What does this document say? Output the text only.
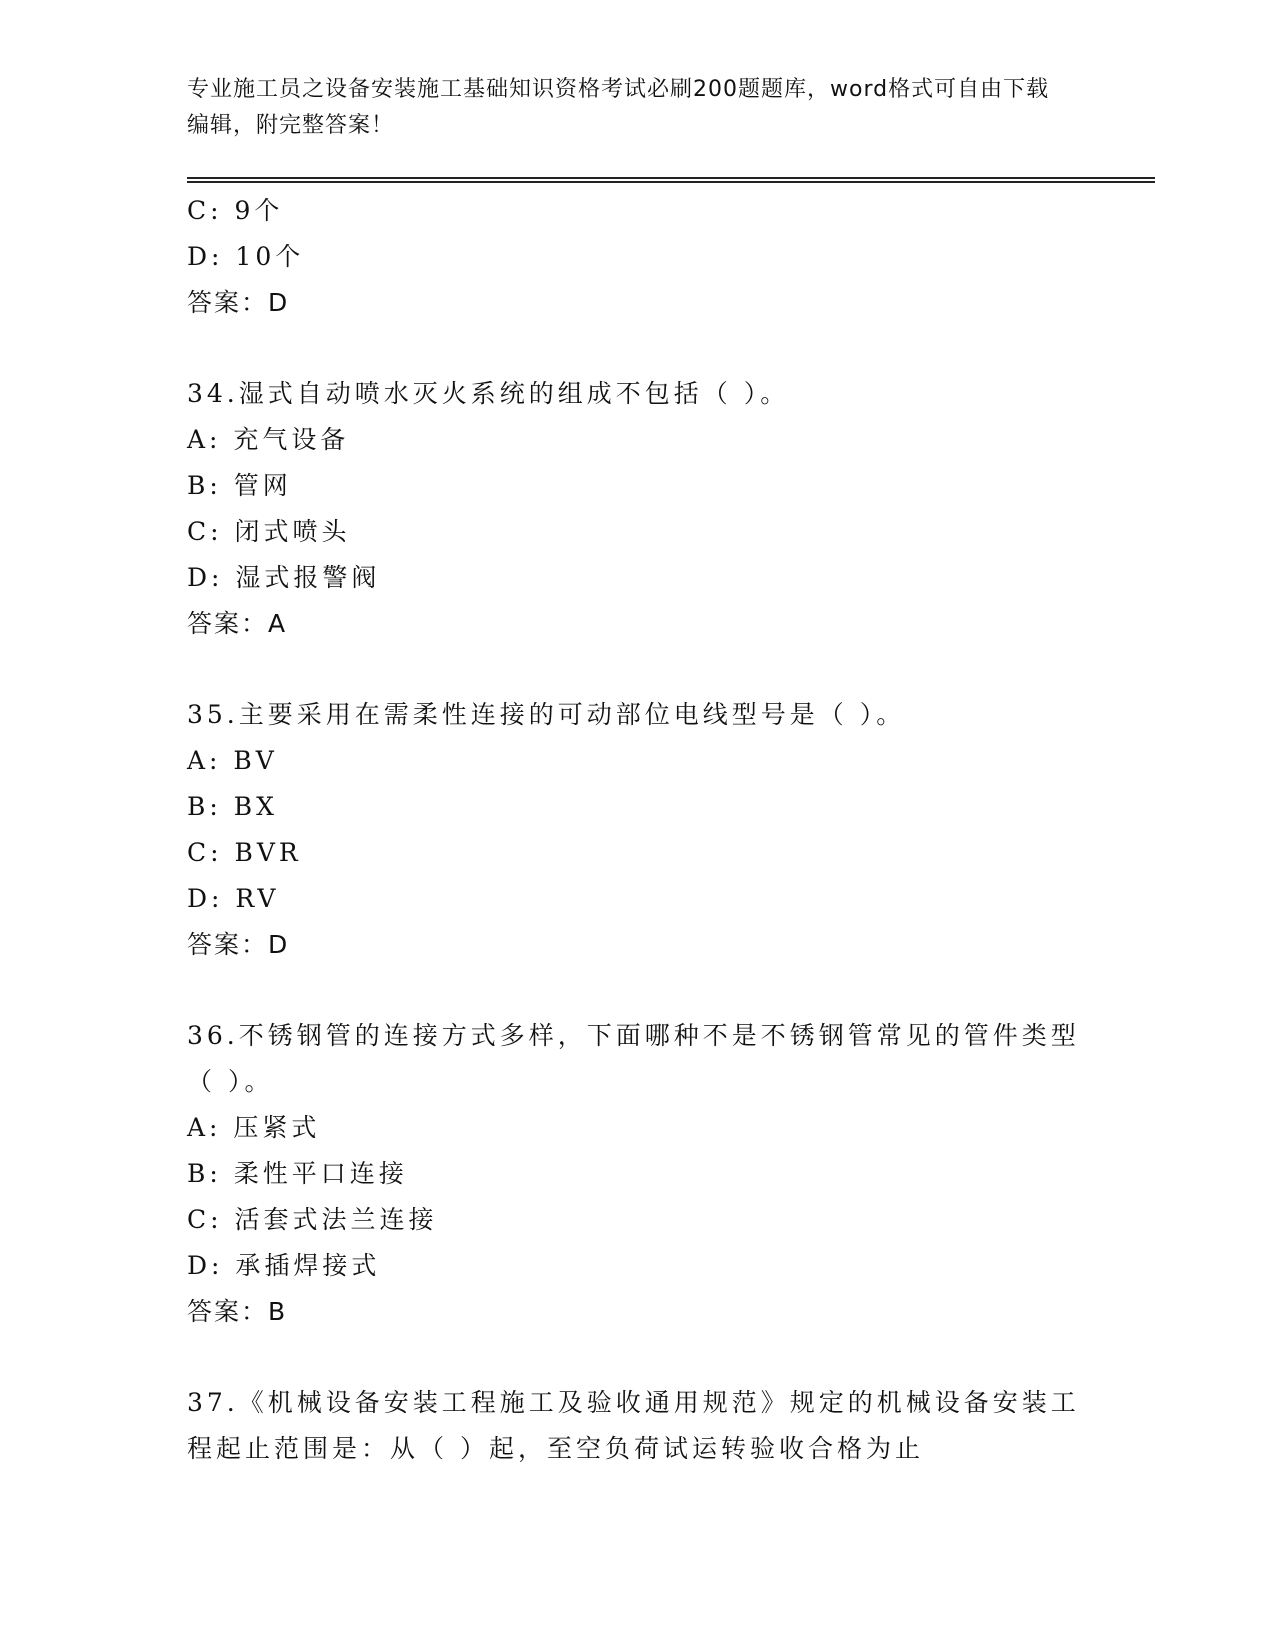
专业施工员之设备安装施工基础知识资格考试必刷200题题库，word格式可自由下载编辑，附完整答案！
C: 9个
D: 10个
答案：D
34.湿式自动喷水灭火系统的组成不包括（ ）。
A: 充气设备
B: 管网
C: 闭式喷头
D: 湿式报警阀
答案：A
35.主要采用在需柔性连接的可动部位电线型号是（ ）。
A: BV
B: BX
C: BVR
D: RV
答案：D
36.不锈钢管的连接方式多样，下面哪种不是不锈钢管常见的管件类型（ ）。
A: 压紧式
B: 柔性平口连接
C: 活套式法兰连接
D: 承插焊接式
答案：B
37.《机械设备安装工程施工及验收通用规范》规定的机械设备安装工程起止范围是：从（ ）起，至空负荷试运转验收合格为止
